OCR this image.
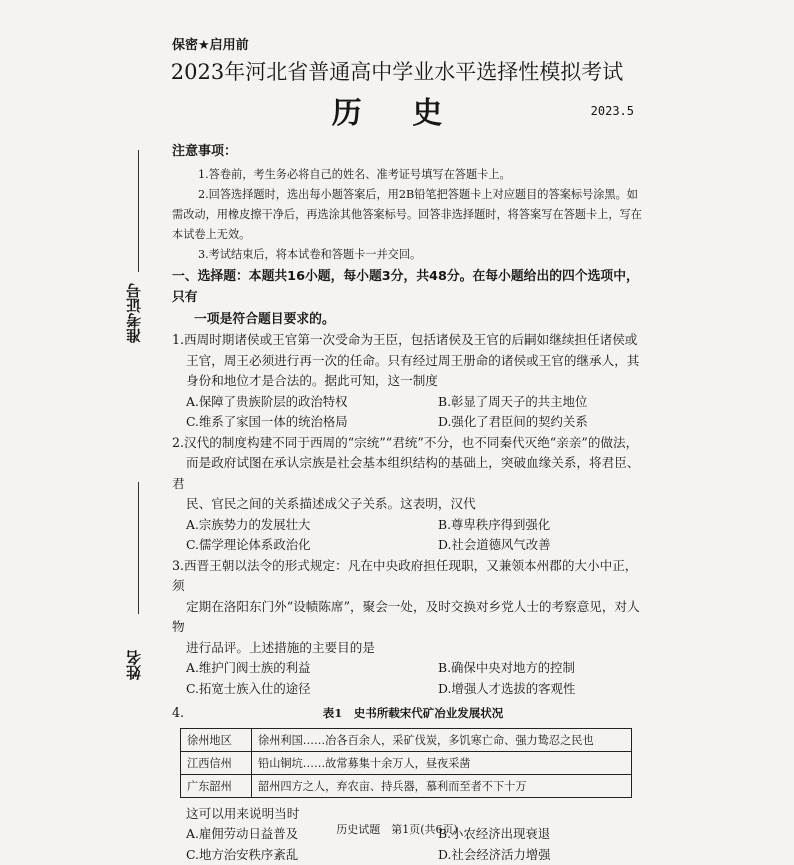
保密★启用前
2023年河北省普通高中学业水平选择性模拟考试
历 史	2023.5
准考证号
姓名
注意事项：

1.答卷前，考生务必将自己的姓名、准考证号填写在答题卡上。

2.回答选择题时，选出每小题答案后，用2B铅笔把答题卡上对应题目的答案标号涂黑。如需改动，用橡皮擦干净后，再选涂其他答案标号。回答非选择题时，将答案写在答题卡上，写在本试卷上无效。

3.考试结束后，将本试卷和答题卡一并交回。

一、选择题：本题共16小题，每小题3分，共48分。在每小题给出的四个选项中，只有
一项是符合题目要求的。

1.西周时期诸侯或王官第一次受命为王臣，包括诸侯及王官的后嗣如继续担任诸侯或

王官，周王必须进行再一次的任命。只有经过周王册命的诸侯或王官的继承人，其

身份和地位才是合法的。据此可知，这一制度

A.保障了贵族阶层的政治特权	B.彰显了周天子的共主地位
C.维系了家国一体的统治格局	D.强化了君臣间的契约关系

2.汉代的制度构建不同于西周的“宗统”“君统”不分，也不同秦代灭绝“亲亲”的做法，

而是政府试图在承认宗族是社会基本组织结构的基础上，突破血缘关系，将君臣、君

民、官民之间的关系描述成父子关系。这表明，汉代

A.宗族势力的发展壮大	B.尊卑秩序得到强化
C.儒学理论体系政治化	D.社会道德风气改善

3.西晋王朝以法令的形式规定：凡在中央政府担任现职，又兼领本州郡的大小中正，须

定期在洛阳东门外“设帻陈席”，聚会一处，及时交换对乡党人士的考察意见，对人物

进行品评。上述措施的主要目的是

A.维护门阀士族的利益	B.确保中央对地方的控制
C.拓宽士族入仕的途径	D.增强人才选拔的客观性
4.	表1　史书所载宋代矿冶业发展状况
徐州地区	徐州利国……冶各百余人，采矿伐炭，多饥寒亡命、强力鸷忍之民也
江西信州	铅山铜坑……故常募集十余万人，昼夜采凿
广东韶州	韶州四方之人，弃农亩、持兵器，慕利而至者不下十万

这可以用来说明当时

A.雇佣劳动日益普及	B.小农经济出现衰退
C.地方治安秩序紊乱	D.社会经济活力增强
历史试题　第1页(共6页)
